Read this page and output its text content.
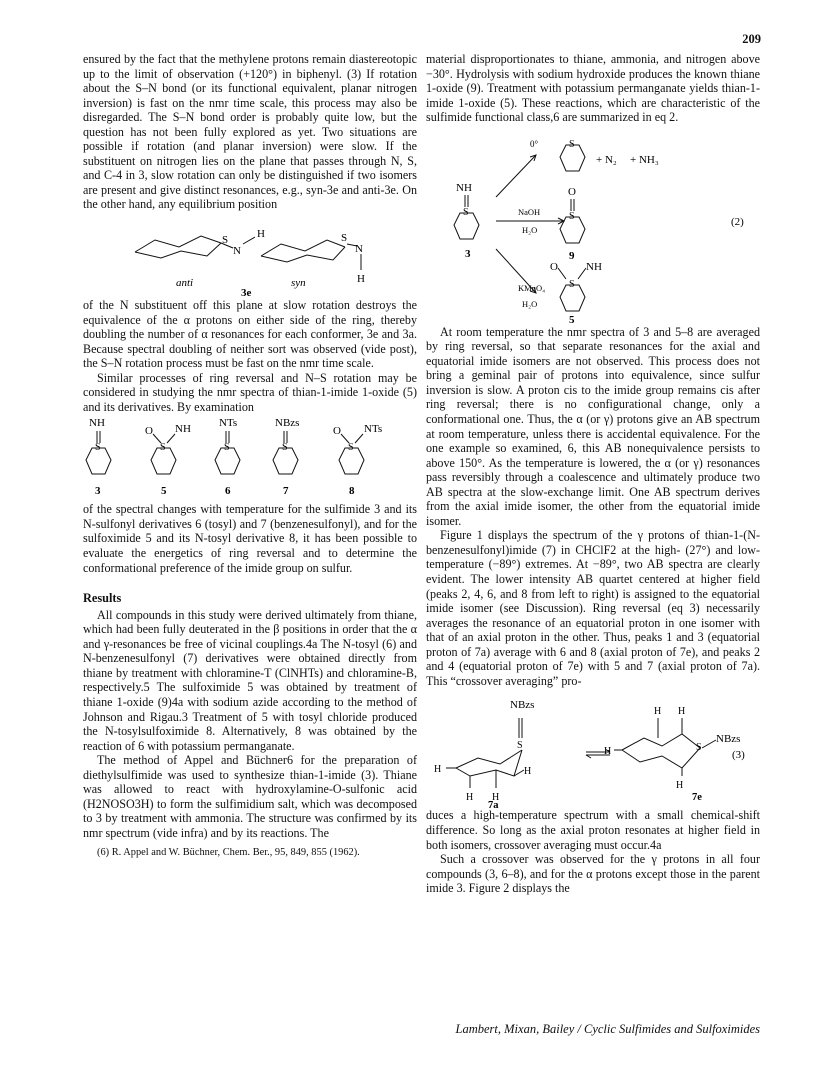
209

ensured by the fact that the methylene protons remain diastereotopic up to the limit of observation (+120°) in biphenyl. (3) If rotation about the S–N bond (or its functional equivalent, planar nitrogen inversion) is fast on the nmr time scale, this process may also be disregarded. The S–N bond order is probably quite low, but the question has not been fully explored as yet. Two situations are possible if rotation (and planar inversion) were slow. If the substituent on nitrogen lies on the plane that passes through N, S, and C-4 in 3, slow rotation can only be distinguished if two isomers are present and give distinct resonances, e.g., syn-3e and anti-3e. On the other hand, any equilibrium position

S
N
H	S
N
H
anti	syn
3e

of the N substituent off this plane at slow rotation destroys the equivalence of the α protons on either side of the ring, thereby doubling the number of α resonances for each conformer, 3e and 3a. Because spectral doubling of neither sort was observed (vide post), the S–N rotation process must be fast on the nmr time scale.

Similar processes of ring reversal and N–S rotation may be considered in studying the nmr spectra of thian-1-imide 1-oxide (5) and its derivatives. By examination

NH
S
O NH
S
NTs
S
NBzs
S
O NTs
S
3	5	6	7	8

of the spectral changes with temperature for the sulfimide 3 and its N-sulfonyl derivatives 6 (tosyl) and 7 (benzenesulfonyl), and for the sulfoximide 5 and its N-tosyl derivative 8, it has been possible to evaluate the energetics of ring reversal and to determine the conformational preference of the imide group on sulfur.

Results

All compounds in this study were derived ultimately from thiane, which had been fully deuterated in the β positions in order that the α and γ-resonances be free of vicinal couplings.4a The N-tosyl (6) and N-benzenesulfonyl (7) derivatives were obtained directly from thiane by treatment with chloramine-T (ClNHTs) and chloramine-B, respectively.5 The sulfoximide 5 was obtained by treatment of thiane 1-oxide (9)4a with sodium azide according to the method of Johnson and Rigau.3 Treatment of 5 with tosyl chloride produced the N-tosylsulfoximide 8. Alternatively, 8 was obtained by the reaction of 6 with potassium permanganate.

The method of Appel and Büchner6 for the preparation of diethylsulfimide was used to synthesize thian-1-imide (3). Thiane was allowed to react with hydroxylamine-O-sulfonic acid (H2NOSO3H) to form the sulfimidium salt, which was decomposed to 3 by treatment with ammonia. The structure was confirmed by its nmr spectrum (vide infra) and by its reactions. The

(6) R. Appel and W. Büchner, Chem. Ber., 95, 849, 855 (1962).

material disproportionates to thiane, ammonia, and nitrogen above −30°. Hydrolysis with sodium hydroxide produces the known thiane 1-oxide (9). Treatment with potassium permanganate yields thian-1-imide 1-oxide (5). These reactions, which are characteristic of the sulfimide functional class,6 are summarized in eq 2.

0°	S
+ N₂ + NH₃
NH
S
3
NaOH
H₂O
O
S
9
(2)
O	NH
S
KMnO₄
H₂O
5

At room temperature the nmr spectra of 3 and 5–8 are averaged by ring reversal, so that separate resonances for the axial and equatorial imide isomers are not observed. This process does not bring a geminal pair of protons into equivalence, since sulfur inversion is slow. A proton cis to the imide group remains cis after ring reversal; there is no configurational change, only a conformational one. Thus, the α (or γ) protons give an AB spectrum at room temperature, unless there is accidental equivalence. For the one example so examined, 6, this AB nonequivalence persists to above 150°. As the temperature is lowered, the α (or γ) resonances pass reversibly through a coalescence and ultimately produce two AB spectra at the slow-exchange limit. One AB spectrum derives from the axial imide isomer, the other from the equatorial imide isomer.

Figure 1 displays the spectrum of the γ protons of thian-1-(N-benzenesulfonyl)imide (7) in CHClF2 at the high- (27°) and low-temperature (−89°) extremes. At −89°, two AB spectra are clearly evident. The lower intensity AB quartet centered at higher field (peaks 2, 4, 6, and 8 from left to right) is assigned to the equatorial imide isomer (see Discussion). Ring reversal (eq 3) necessarily averages the resonance of an equatorial proton in one isomer with that of an axial proton in the other. Thus, peaks 1 and 3 (equatorial proton of 7a) average with 6 and 8 (axial proton of 7e), and peaks 2 and 4 (equatorial proton of 7e) with 5 and 7 (axial proton of 7a). This “crossover averaging” pro-

NBzs
S
H	H
H H
7a
H H
H
H
S
NBzs
(3)
7e

duces a high-temperature spectrum with a small chemical-shift difference. So long as the axial proton resonates at higher field in both isomers, crossover averaging must occur.4a

Such a crossover was observed for the γ protons in all four compounds (3, 6–8), and for the α protons except those in the parent imide 3. Figure 2 displays the

Lambert, Mixan, Bailey / Cyclic Sulfimides and Sulfoximides
